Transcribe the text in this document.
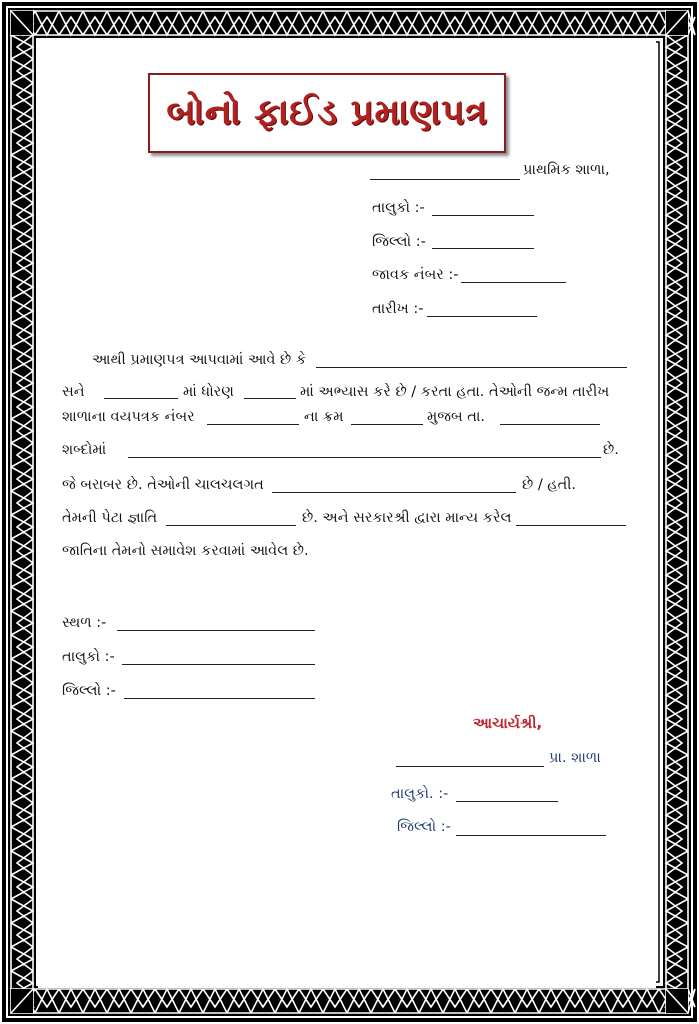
બોનો ફાઈડ પ્રમાણપત્ર
પ્રાથમિક શાળા,
તાલુકો :-
જિલ્લો :-
જાવક નંબર :-
તારીખ :-
આથી પ્રમાણપત્ર આપવામાં આવે છે કે
સને	માં ધોરણ	માં અભ્યાસ કરે છે / કરતા હતા. તેઓની જન્મ તારીખ
શાળાના વયપત્રક નંબર	ના ક્રમ	મુજબ તા.
શબ્દોમાં	છે.
જે બરાબર છે. તેઓની ચાલચલગત	છે / હતી.
તેમની પેટા જ્ઞાતિ	છે. અને સરકારશ્રી દ્વારા માન્ય કરેલ
જાતિના તેમનો સમાવેશ કરવામાં આવેલ છે.
સ્થળ :-
તાલુકો :-
જિલ્લો :-
આચાર્યશ્રી,
પ્રા. શાળા
તાલુકો. :-
જિલ્લો :-
